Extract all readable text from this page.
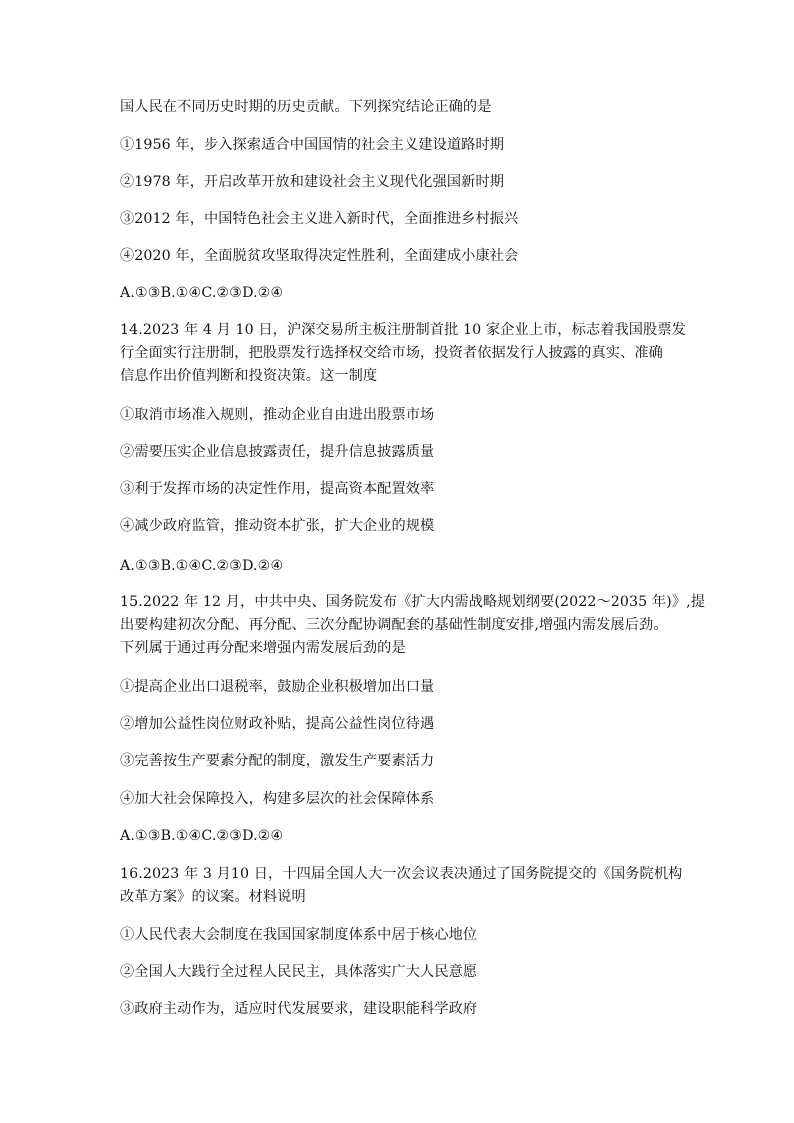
国人民在不同历史时期的历史贡献。下列探究结论正确的是
①1956 年，步入探索适合中国国情的社会主义建设道路时期
②1978 年，开启改革开放和建设社会主义现代化强国新时期
③2012 年，中国特色社会主义进入新时代，全面推进乡村振兴
④2020 年，全面脱贫攻坚取得决定性胜利，全面建成小康社会
A.①③B.①④C.②③D.②④
14.2023 年 4 月 10 日，沪深交易所主板注册制首批 10 家企业上市，标志着我国股票发
行全面实行注册制，把股票发行选择权交给市场，投资者依据发行人披露的真实、准确
信息作出价值判断和投资决策。这一制度
①取消市场准入规则，推动企业自由进出股票市场
②需要压实企业信息披露责任，提升信息披露质量
③利于发挥市场的决定性作用，提高资本配置效率
④减少政府监管，推动资本扩张，扩大企业的规模
A.①③B.①④C.②③D.②④
15.2022 年 12 月，中共中央、国务院发布《扩大内需战略规划纲要(2022～2035 年)》,提
出要构建初次分配、再分配、三次分配协调配套的基础性制度安排,增强内需发展后劲。
下列属于通过再分配来增强内需发展后劲的是
①提高企业出口退税率，鼓励企业积极增加出口量
②增加公益性岗位财政补贴，提高公益性岗位待遇
③完善按生产要素分配的制度，激发生产要素活力
④加大社会保障投入，构建多层次的社会保障体系
A.①③B.①④C.②③D.②④
16.2023 年 3 月10 日，十四届全国人大一次会议表决通过了国务院提交的《国务院机构
改革方案》的议案。材料说明
①人民代表大会制度在我国国家制度体系中居于核心地位
②全国人大践行全过程人民民主，具体落实广大人民意愿
③政府主动作为，适应时代发展要求，建设职能科学政府
